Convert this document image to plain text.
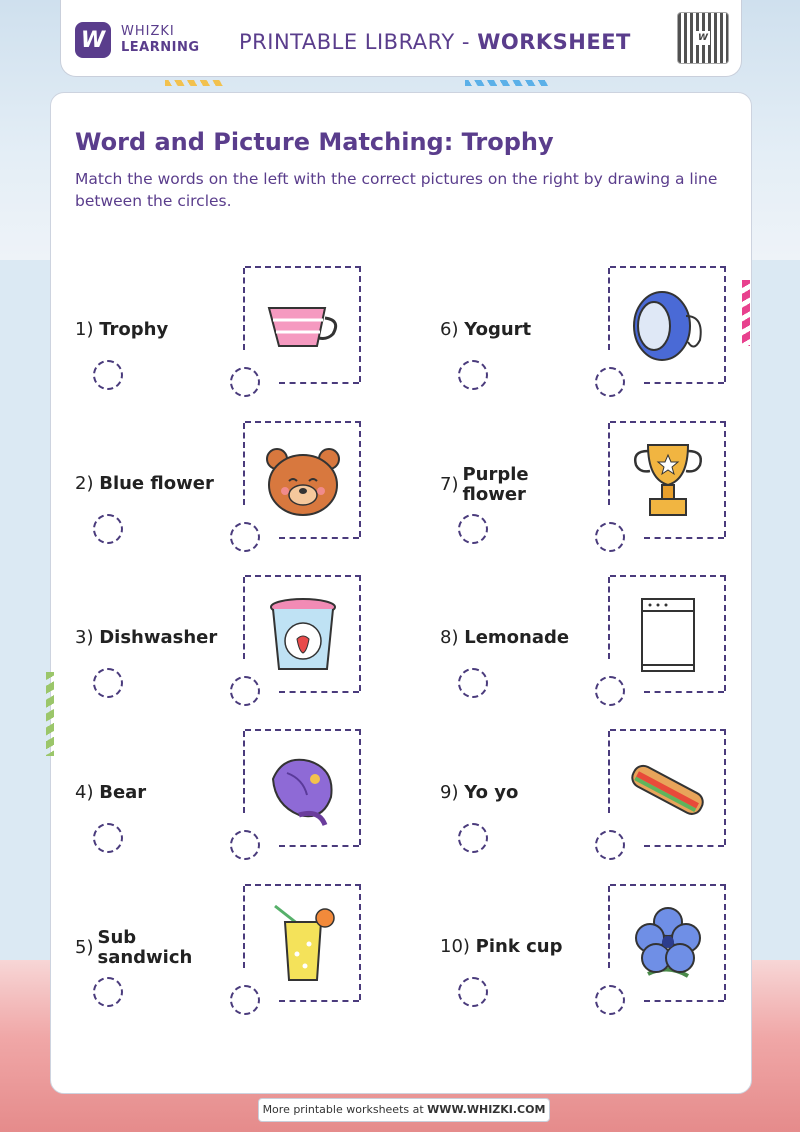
W	WHIZKI
LEARNING PRINTABLE LIBRARY - WORKSHEET	W
Word and Picture Matching: Trophy
Match the words on the left with the correct pictures on the right by drawing a line between the circles.
1) Trophy
2) Blue flower
3) Dishwasher
4) Bear
5) Sub sandwich
6) Yogurt
7) Purple flower
8) Lemonade
9) Yo yo
10) Pink cup
More printable worksheets at WWW.WHIZKI.COM
